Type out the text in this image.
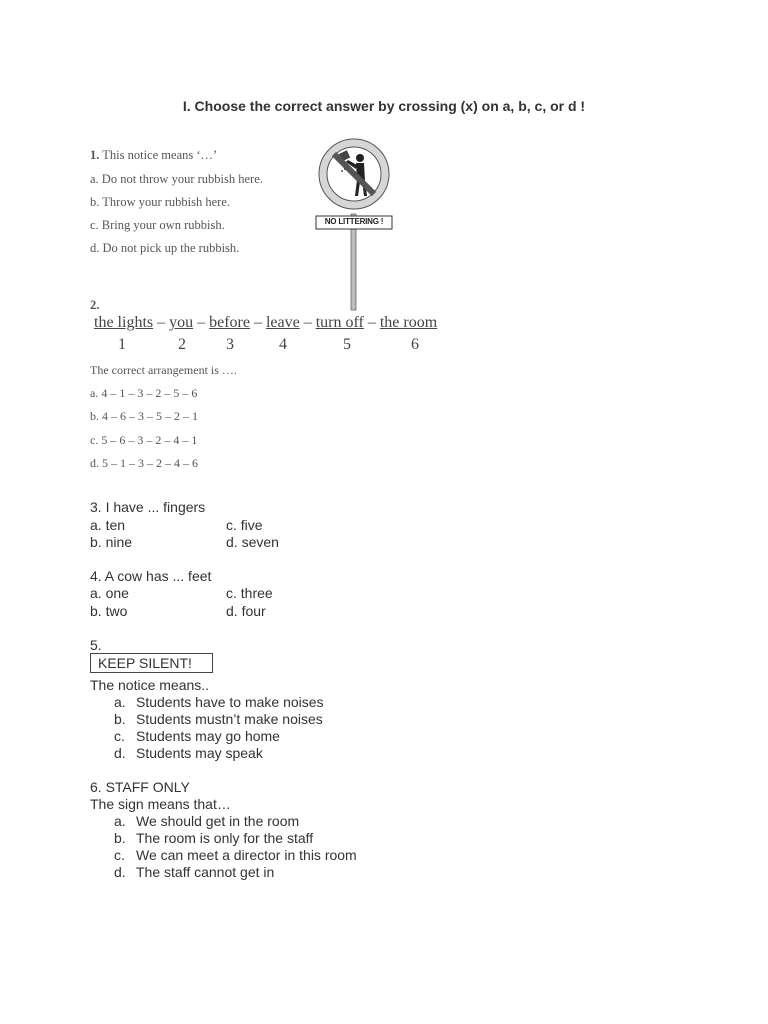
I. Choose the correct answer by crossing (x) on a, b, c, or d !
1. This notice means ‘…’
a. Do not throw your rubbish here.
b. Throw your rubbish here.
c. Bring your own rubbish.
d. Do not pick up the rubbish.
NO LITTERING !
2.
the lights – you – before – leave – turn off – the room
1	2	3	4	5	6
The correct arrangement is ….
a. 4 – 1 – 3 – 2 – 5 – 6
b. 4 – 6 – 3 – 5 – 2 – 1
c. 5 – 6 – 3 – 2 – 4 – 1
d. 5 – 1 – 3 – 2 – 4 – 6
3. I have ... fingers
a. ten	c. five
b. nine	d. seven
4. A cow has ... feet
a. one	c. three
b. two	d. four
5.
KEEP SILENT!
The notice means..
a. Students have to make noises
b. Students mustn’t make noises
c. Students may go home
d. Students may speak
6. STAFF ONLY
The sign means that…
a. We should get in the room
b. The room is only for the staff
c. We can meet a director in this room
d. The staff cannot get in
